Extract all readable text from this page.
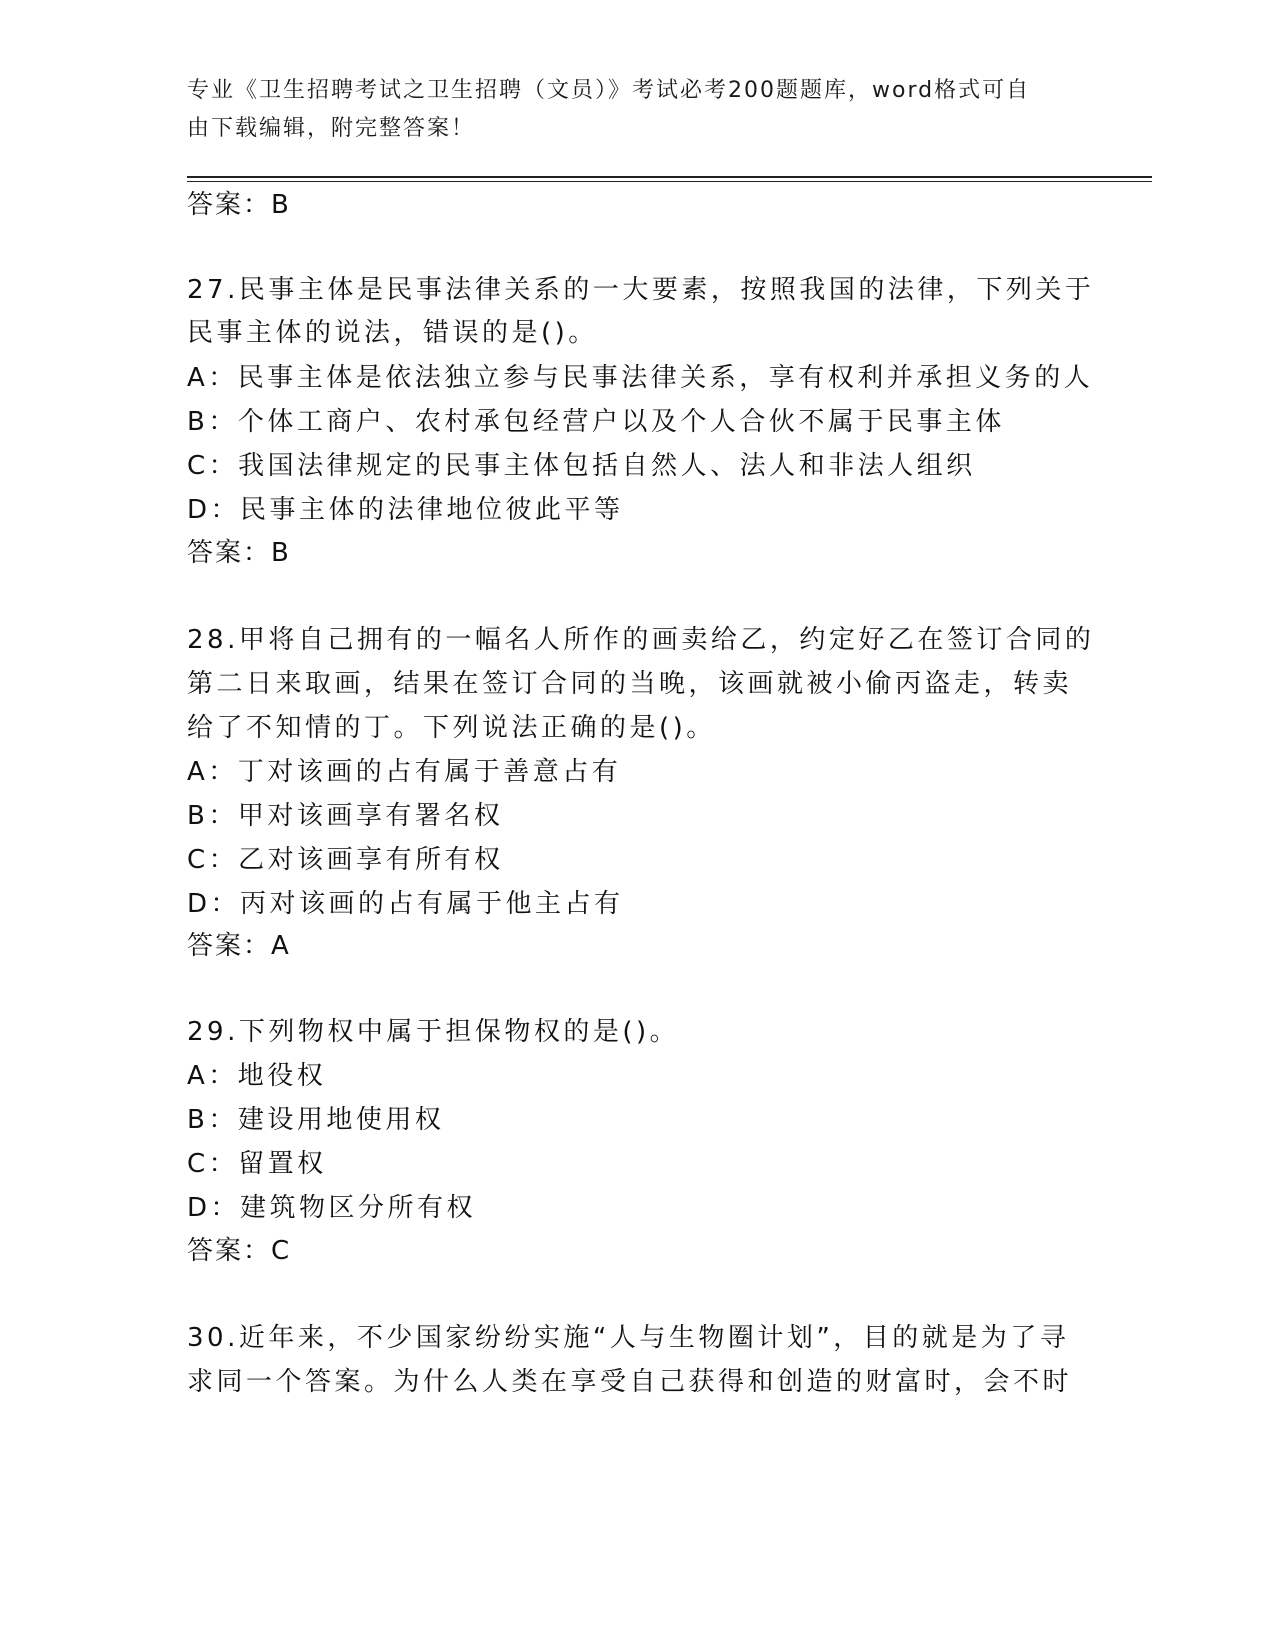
专业《卫生招聘考试之卫生招聘（文员）》考试必考200题题库，word格式可自
由下载编辑，附完整答案！
答案：B
27.民事主体是民事法律关系的一大要素，按照我国的法律，下列关于
民事主体的说法，错误的是()。
A：民事主体是依法独立参与民事法律关系，享有权利并承担义务的人
B：个体工商户、农村承包经营户以及个人合伙不属于民事主体
C：我国法律规定的民事主体包括自然人、法人和非法人组织
D：民事主体的法律地位彼此平等
答案：B
28.甲将自己拥有的一幅名人所作的画卖给乙，约定好乙在签订合同的
第二日来取画，结果在签订合同的当晚，该画就被小偷丙盗走，转卖
给了不知情的丁。下列说法正确的是()。
A：丁对该画的占有属于善意占有
B：甲对该画享有署名权
C：乙对该画享有所有权
D：丙对该画的占有属于他主占有
答案：A
29.下列物权中属于担保物权的是()。
A：地役权
B：建设用地使用权
C：留置权
D：建筑物区分所有权
答案：C
30.近年来，不少国家纷纷实施“人与生物圈计划”，目的就是为了寻
求同一个答案。为什么人类在享受自己获得和创造的财富时，会不时
